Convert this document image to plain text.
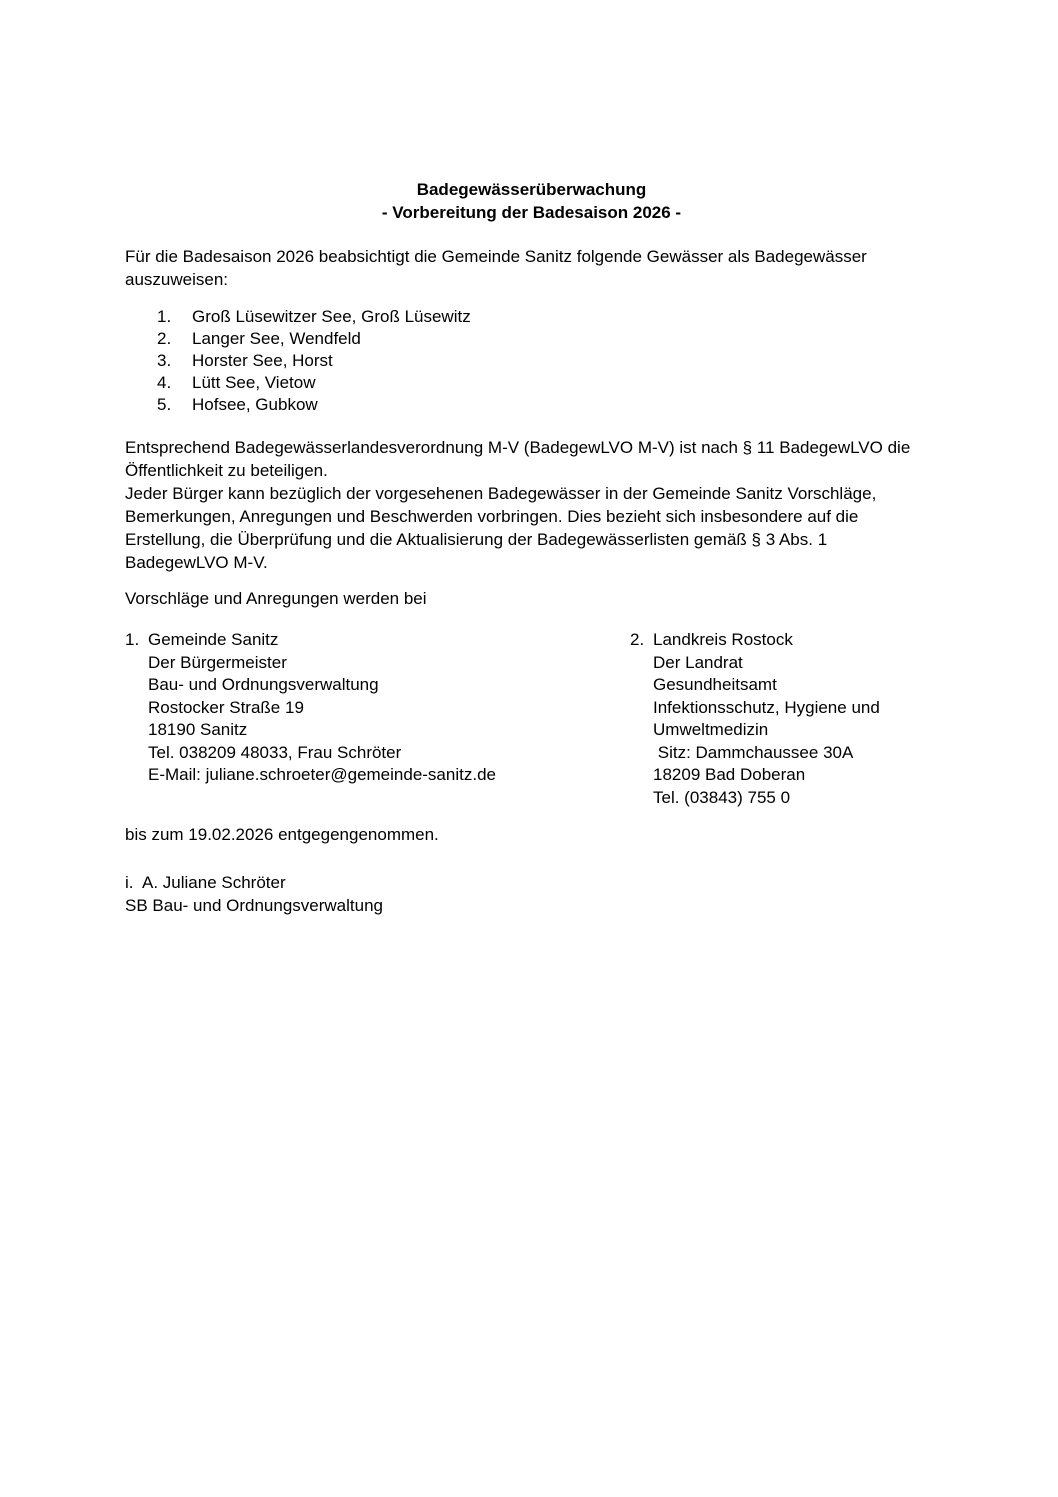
Badegewässerüberwachung
- Vorbereitung der Badesaison 2026 -
Für die Badesaison 2026 beabsichtigt die Gemeinde Sanitz folgende Gewässer als Badegewässer
auszuweisen:
1.	Groß Lüsewitzer See, Groß Lüsewitz
2.	Langer See, Wendfeld
3.	Horster See, Horst
4.	Lütt See, Vietow
5.	Hofsee, Gubkow
Entsprechend Badegewässerlandesverordnung M-V (BadegewLVO M-V) ist nach § 11 BadegewLVO die
Öffentlichkeit zu beteiligen.
Jeder Bürger kann bezüglich der vorgesehenen Badegewässer in der Gemeinde Sanitz Vorschläge,
Bemerkungen, Anregungen und Beschwerden vorbringen. Dies bezieht sich insbesondere auf die
Erstellung, die Überprüfung und die Aktualisierung der Badegewässerlisten gemäß § 3 Abs. 1
BadegewLVO M-V.
Vorschläge und Anregungen werden bei
1. Gemeinde Sanitz
Der Bürgermeister
Bau- und Ordnungsverwaltung
Rostocker Straße 19
18190 Sanitz
Tel. 038209 48033, Frau Schröter
E-Mail: juliane.schroeter@gemeinde-sanitz.de
2. Landkreis Rostock
Der Landrat
Gesundheitsamt
Infektionsschutz, Hygiene und
Umweltmedizin
Sitz: Dammchaussee 30A
18209 Bad Doberan
Tel. (03843) 755 0
bis zum 19.02.2026 entgegengenommen.
i.  A. Juliane Schröter
SB Bau- und Ordnungsverwaltung
